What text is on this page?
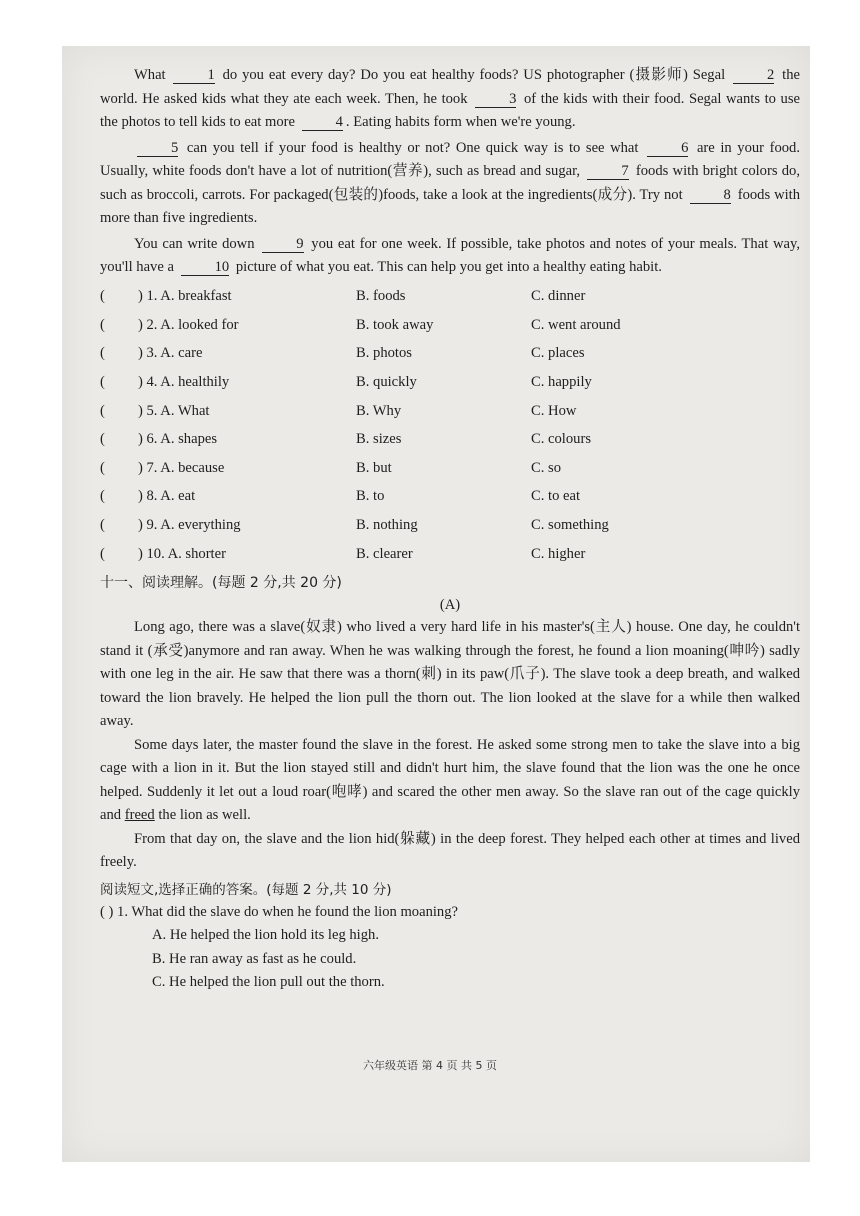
What	1 do you eat every day? Do you eat healthy foods? US photographer (摄影师) Segal	2 the world. He asked kids what they ate each week. Then, he took	3 of the kids with their food. Segal wants to use the photos to tell kids to eat more	4 . Eating habits form when we're young.

5 can you tell if your food is healthy or not? One quick way is to see what	6 are in your food. Usually, white foods don't have a lot of nutrition(营养), such as bread and sugar,	7 foods with bright colors do, such as broccoli, carrots. For packaged(包装的)foods, take a look at the ingredients(成分). Try not	8 foods with more than five ingredients.

You can write down	9 you eat for one week. If possible, take photos and notes of your meals. That way, you'll have a	10 picture of what you eat. This can help you get into a healthy eating habit.

(	) 1. A. breakfast	B. foods	C. dinner
(	) 2. A. looked for	B. took away	C. went around
(	) 3. A. care	B. photos	C. places
(	) 4. A. healthily	B. quickly	C. happily
(	) 5. A. What	B. Why	C. How
(	) 6. A. shapes	B. sizes	C. colours
(	) 7. A. because	B. but	C. so
(	) 8. A. eat	B. to	C. to eat
(	) 9. A. everything	B. nothing	C. something
(	) 10. A. shorter	B. clearer	C. higher
十一、阅读理解。(每题 2 分,共 20 分)
(A)

Long ago, there was a slave(奴隶) who lived a very hard life in his master's(主人) house. One day, he couldn't stand it (承受)anymore and ran away. When he was walking through the forest, he found a lion moaning(呻吟) sadly with one leg in the air. He saw that there was a thorn(刺) in its paw(爪子). The slave took a deep breath, and walked toward the lion bravely. He helped the lion pull the thorn out. The lion looked at the slave for a while then walked away.

Some days later, the master found the slave in the forest. He asked some strong men to take the slave into a big cage with a lion in it. But the lion stayed still and didn't hurt him, the slave found that the lion was the one he once helped. Suddenly it let out a loud roar(咆哮) and scared the other men away. So the slave ran out of the cage quickly and freed the lion as well.

From that day on, the slave and the lion hid(躲藏) in the deep forest. They helped each other at times and lived freely.

阅读短文,选择正确的答案。(每题 2 分,共 10 分)
( ) 1. What did the slave do when he found the lion moaning?
A. He helped the lion hold its leg high.
B. He ran away as fast as he could.
C. He helped the lion pull out the thorn.
六年级英语 第 4 页 共 5 页
